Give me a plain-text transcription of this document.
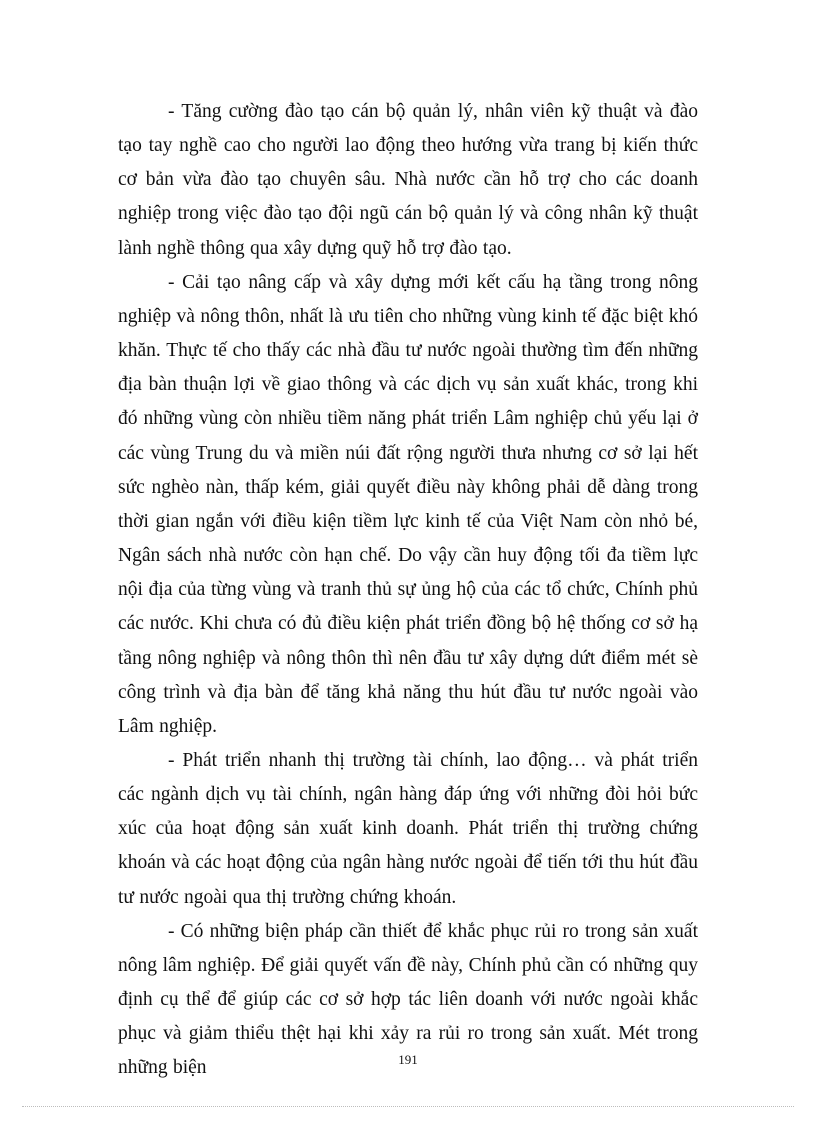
- Tăng cường đào tạo cán bộ quản lý, nhân viên kỹ thuật và đào tạo tay nghề cao cho người lao động theo hướng vừa trang bị kiến thức cơ bản vừa đào tạo chuyên sâu. Nhà nước cần hỗ trợ cho các doanh nghiệp trong việc đào tạo đội ngũ cán bộ quản lý và công nhân kỹ thuật lành nghề thông qua xây dựng quỹ hỗ trợ đào tạo.

- Cải tạo nâng cấp và xây dựng mới kết cấu hạ tầng trong nông nghiệp và nông thôn, nhất là ưu tiên cho những vùng kinh tế đặc biệt khó khăn. Thực tế cho thấy các nhà đầu tư nước ngoài thường tìm đến những địa bàn thuận lợi về giao thông và các dịch vụ sản xuất khác, trong khi đó những vùng còn nhiều tiềm năng phát triển Lâm nghiệp chủ yếu lại ở các vùng Trung du và miền núi đất rộng người thưa nhưng cơ sở lại hết sức nghèo nàn, thấp kém, giải quyết điều này không phải dễ dàng trong thời gian ngắn với điều kiện tiềm lực kinh tế của Việt Nam còn nhỏ bé, Ngân sách nhà nước còn hạn chế. Do vậy cần huy động tối đa tiềm lực nội địa của từng vùng và tranh thủ sự ủng hộ của các tổ chức, Chính phủ các nước. Khi chưa có đủ điều kiện phát triển đồng bộ hệ thống cơ sở hạ tầng nông nghiệp và nông thôn thì nên đầu tư xây dựng dứt điểm mét sè công trình và địa bàn để tăng khả năng thu hút đầu tư nước ngoài vào Lâm nghiệp.

- Phát triển nhanh thị trường tài chính, lao động… và phát triển các ngành dịch vụ tài chính, ngân hàng đáp ứng với những đòi hỏi bức xúc của hoạt động sản xuất kinh doanh. Phát triển thị trường chứng khoán và các hoạt động của ngân hàng nước ngoài để tiến tới thu hút đầu tư nước ngoài qua thị trường chứng khoán.

- Có những biện pháp cần thiết để khắc phục rủi ro trong sản xuất nông lâm nghiệp. Để giải quyết vấn đề này, Chính phủ cần có những quy định cụ thể để giúp các cơ sở hợp tác liên doanh với nước ngoài khắc phục và giảm thiểu thệt hại khi xảy ra rủi ro trong sản xuất. Mét trong những biện	191
